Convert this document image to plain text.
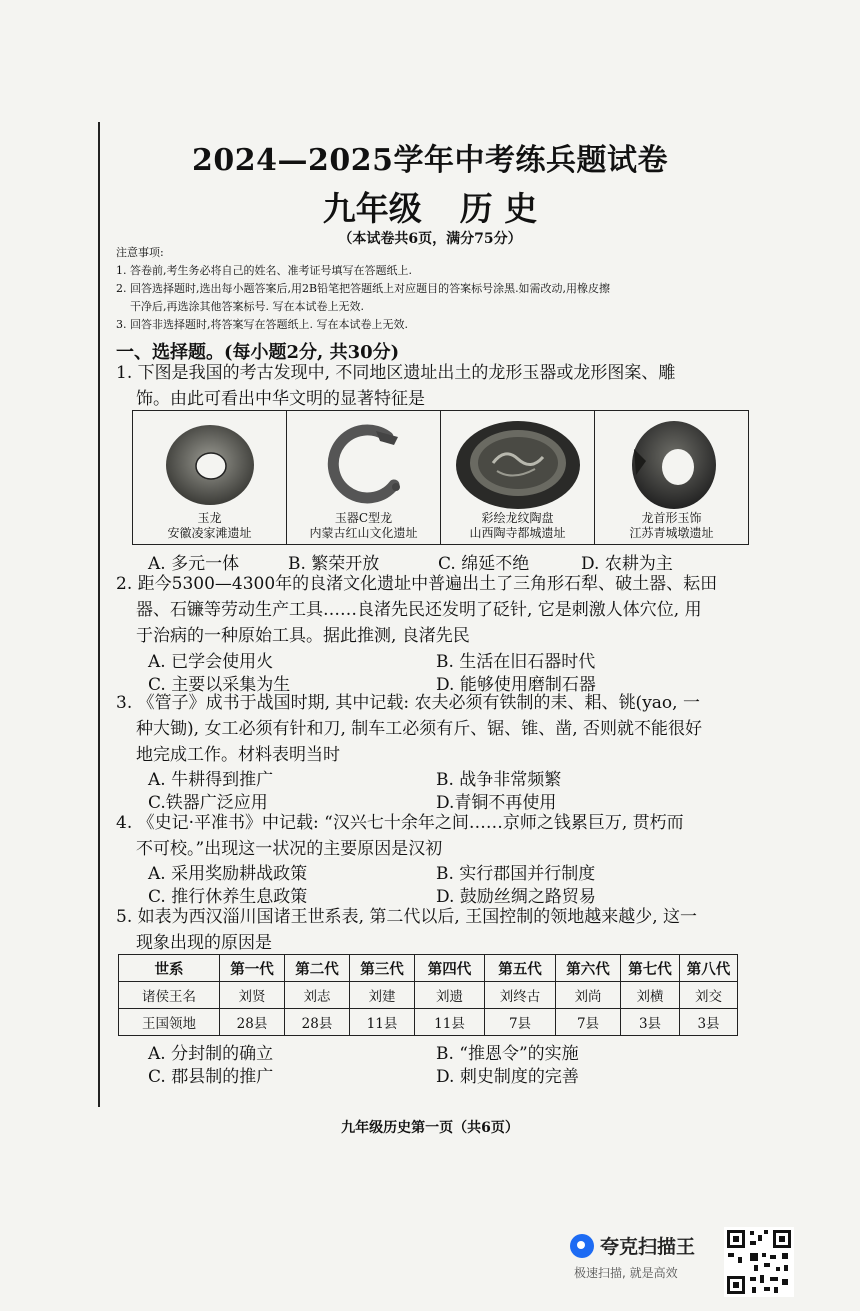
2024—2025学年中考练兵题试卷
九年级 历 史
（本试卷共6页，满分75分）
注意事项:
1. 答卷前,考生务必将自己的姓名、准考证号填写在答题纸上.
2. 回答选择题时,选出每小题答案后,用2B铅笔把答题纸上对应题目的答案标号涂黑.如需改动,用橡皮擦
干净后,再选涂其他答案标号. 写在本试卷上无效.
3. 回答非选择题时,将答案写在答题纸上. 写在本试卷上无效.
一、选择题。(每小题2分, 共30分)
1. 下图是我国的考古发现中, 不同地区遗址出土的龙形玉器或龙形图案、雕
饰。由此可看出中华文明的显著特征是
玉龙
安徽凌家滩遗址
玉器C型龙
内蒙古红山文化遗址
彩绘龙纹陶盘
山西陶寺都城遗址
龙首形玉饰
江苏青城墩遗址
A. 多元一体	B. 繁荣开放	C. 绵延不绝	D. 农耕为主
2. 距今5300—4300年的良渚文化遗址中普遍出土了三角形石犁、破土器、耘田
器、石镰等劳动生产工具……良渚先民还发明了砭针, 它是刺激人体穴位, 用
于治病的一种原始工具。据此推测, 良渚先民
A. 已学会使用火	B. 生活在旧石器时代
C. 主要以采集为生	D. 能够使用磨制石器
3. 《管子》成书于战国时期, 其中记载: 农夫必须有铁制的耒、耜、铫(yao, 一
种大锄), 女工必须有针和刀, 制车工必须有斤、锯、锥、凿, 否则就不能很好
地完成工作。材料表明当时
A. 牛耕得到推广	B. 战争非常频繁
C.铁器广泛应用	D.青铜不再使用
4. 《史记·平准书》中记载: “汉兴七十余年之间……京师之钱累巨万, 贯朽而
不可校。”出现这一状况的主要原因是汉初
A. 采用奖励耕战政策	B. 实行郡国并行制度
C. 推行休养生息政策	D. 鼓励丝绸之路贸易
5. 如表为西汉淄川国诸王世系表, 第二代以后, 王国控制的领地越来越少, 这一
现象出现的原因是
世系	第一代	第二代	第三代	第四代	第五代	第六代	第七代	第八代
诸侯王名	刘贤	刘志	刘建	刘遗	刘终古	刘尚	刘横	刘交
王国领地	28县	28县	11县	11县	7县	7县	3县	3县
A. 分封制的确立	B. “推恩令”的实施
C. 郡县制的推广	D. 刺史制度的完善
九年级历史第一页（共6页）
夸克扫描王
极速扫描, 就是高效
